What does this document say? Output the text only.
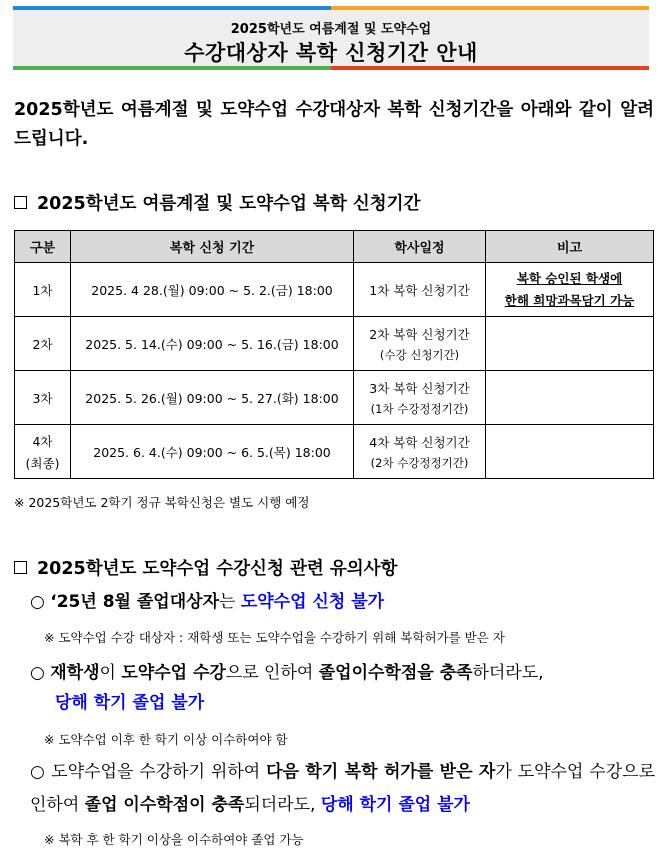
2025학년도 여름계절 및 도약수업
수강대상자 복학 신청기간 안내
2025학년도 여름계절 및 도약수업 수강대상자 복학 신청기간을 아래와 같이 알려드립니다.
2025학년도 여름계절 및 도약수업 복학 신청기간
구분	복학 신청 기간	학사일정	비고
1차	2025. 4 28.(월) 09:00 ~ 5. 2.(금) 18:00	1차 복학 신청기간	복학 승인된 학생에
한해 희망과목담기 가능

2차	2025. 5. 14.(수) 09:00 ~ 5. 16.(금) 18:00	2차 복학 신청기간
(수강 신청기간)	

3차	2025. 5. 26.(월) 09:00 ~ 5. 27.(화) 18:00	3차 복학 신청기간
(1차 수강정정기간)	

4차
(최종)	2025. 6. 4.(수) 09:00 ~ 6. 5.(목) 18:00	4차 복학 신청기간
(2차 수강정정기간)	

※ 2025학년도 2학기 정규 복학신청은 별도 시행 예정
2025학년도 도약수업 수강신청 관련 유의사항
○ ‘25년 8월 졸업대상자는 도약수업 신청 불가
※ 도약수업 수강 대상자 : 재학생 또는 도약수업을 수강하기 위해 복학허가를 받은 자
○ 재학생이 도약수업 수강으로 인하여 졸업이수학점을 충족하더라도,
당해 학기 졸업 불가
※ 도약수업 이후 한 학기 이상 이수하여야 함
○ 도약수업을 수강하기 위하여 다음 학기 복학 허가를 받은 자가 도약수업 수강으로 인하여 졸업 이수학점이 충족되더라도, 당해 학기 졸업 불가
※ 복학 후 한 학기 이상을 이수하여야 졸업 가능
